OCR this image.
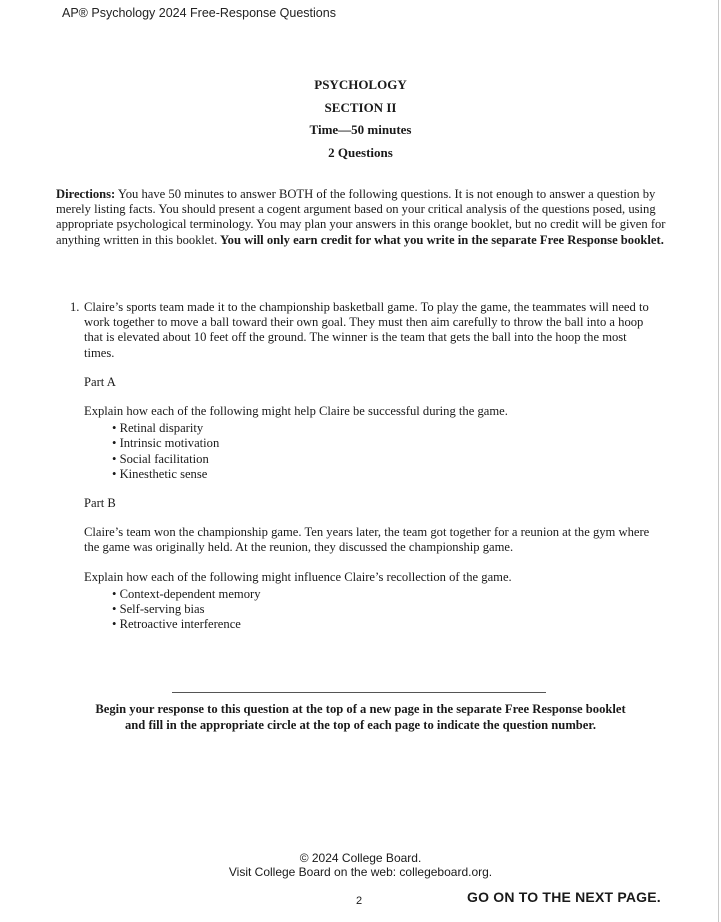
AP® Psychology 2024 Free-Response Questions
PSYCHOLOGY
SECTION II
Time—50 minutes
2 Questions
Directions: You have 50 minutes to answer BOTH of the following questions. It is not enough to answer a question by merely listing facts. You should present a cogent argument based on your critical analysis of the questions posed, using appropriate psychological terminology. You may plan your answers in this orange booklet, but no credit will be given for anything written in this booklet. You will only earn credit for what you write in the separate Free Response booklet.
1. Claire’s sports team made it to the championship basketball game. To play the game, the teammates will need to work together to move a ball toward their own goal. They must then aim carefully to throw the ball into a hoop that is elevated about 10 feet off the ground. The winner is the team that gets the ball into the hoop the most times.

Part A

Explain how each of the following might help Claire be successful during the game.

• Retinal disparity
• Intrinsic motivation
• Social facilitation
• Kinesthetic sense

Part B

Claire’s team won the championship game. Ten years later, the team got together for a reunion at the gym where the game was originally held. At the reunion, they discussed the championship game.

Explain how each of the following might influence Claire’s recollection of the game.

• Context-dependent memory
• Self-serving bias
• Retroactive interference
Begin your response to this question at the top of a new page in the separate Free Response booklet
and fill in the appropriate circle at the top of each page to indicate the question number.
© 2024 College Board.
Visit College Board on the web: collegeboard.org.
GO ON TO THE NEXT PAGE.
2
